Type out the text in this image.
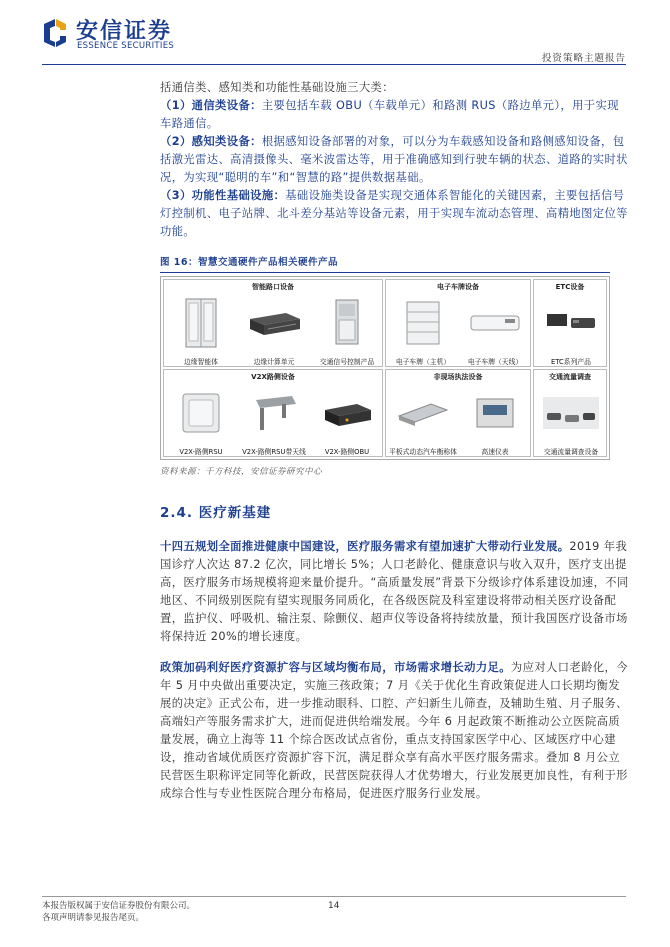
安信证券
ESSENCE SECURITIES
投资策略主题报告
括通信类、感知类和功能性基础设施三大类：
（1）通信类设备：主要包括车载 OBU（车载单元）和路测 RUS（路边单元），用于实现车路通信。
（2）感知类设备：根据感知设备部署的对象，可以分为车载感知设备和路侧感知设备，包括激光雷达、高清摄像头、毫米波雷达等，用于准确感知到行驶车辆的状态、道路的实时状况，为实现“聪明的车”和“智慧的路”提供数据基础。
（3）功能性基础设施：基础设施类设备是实现交通体系智能化的关键因素，主要包括信号灯控制机、电子站牌、北斗差分基站等设备元素，用于实现车流动态管理、高精地图定位等功能。
图 16：智慧交通硬件产品相关硬件产品
智能路口设备
边缘智能体	边缘计算单元	交通信号控制产品
V2X路侧设备
V2X-路侧RSU	V2X-路侧RSU带天线	V2X-路侧OBU
电子车牌设备
电子车牌（主机）	电子车牌（天线）
ETC设备
ETC系列产品
非现场执法设备
平板式动态汽车衡称体	高速仪表
交通流量调查
交通流量调查设备
资料来源：千方科技，安信证券研究中心
2.4. 医疗新基建
十四五规划全面推进健康中国建设，医疗服务需求有望加速扩大带动行业发展。2019 年我国诊疗人次达 87.2 亿次，同比增长 5%；人口老龄化、健康意识与收入双升，医疗支出提高，医疗服务市场规模将迎来量价提升。“高质量发展”背景下分级诊疗体系建设加速，不同地区、不同级别医院有望实现服务同质化，在各级医院及科室建设将带动相关医疗设备配置，监护仪、呼吸机、输注泵、除颤仪、超声仪等设备将持续放量，预计我国医疗设备市场将保持近 20%的增长速度。
政策加码利好医疗资源扩容与区域均衡布局，市场需求增长动力足。为应对人口老龄化，今年 5 月中央做出重要决定，实施三孩政策；7 月《关于优化生育政策促进人口长期均衡发展的决定》正式公布，进一步推动眼科、口腔、产妇新生儿筛查，及辅助生殖、月子服务、高端妇产等服务需求扩大，进而促进供给端发展。今年 6 月起政策不断推动公立医院高质量发展，确立上海等 11 个综合医改试点省份，重点支持国家医学中心、区域医疗中心建设，推动省域优质医疗资源扩容下沉，满足群众享有高水平医疗服务需求。叠加 8 月公立民营医生职称评定同等化新政，民营医院获得人才优势增大，行业发展更加良性，有利于形成综合性与专业性医院合理分布格局，促进医疗服务行业发展。
本报告版权属于安信证券股份有限公司。
各项声明请参见报告尾页。
14
